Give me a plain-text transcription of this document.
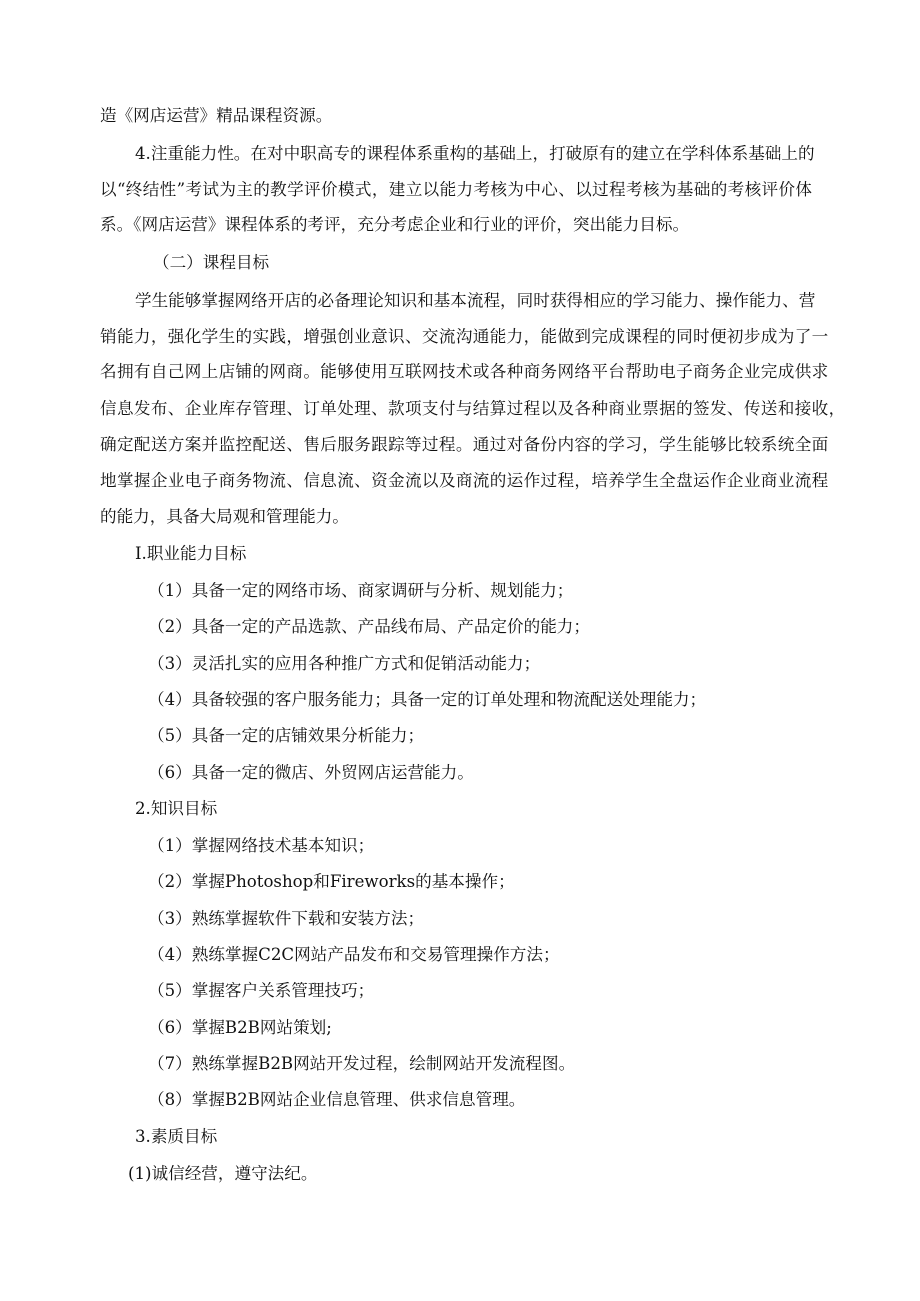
造《网店运营》精品课程资源。
4.注重能力性。在对中职高专的课程体系重构的基础上，打破原有的建立在学科体系基础上的
以“终结性”考试为主的教学评价模式，建立以能力考核为中心、以过程考核为基础的考核评价体
系。《网店运营》课程体系的考评，充分考虑企业和行业的评价，突出能力目标。
（二）课程目标
学生能够掌握网络开店的必备理论知识和基本流程，同时获得相应的学习能力、操作能力、营
销能力，强化学生的实践，增强创业意识、交流沟通能力，能做到完成课程的同时便初步成为了一
名拥有自己网上店铺的网商。能够使用互联网技术或各种商务网络平台帮助电子商务企业完成供求
信息发布、企业库存管理、订单处理、款项支付与结算过程以及各种商业票据的签发、传送和接收，
确定配送方案并监控配送、售后服务跟踪等过程。通过对备份内容的学习，学生能够比较系统全面
地掌握企业电子商务物流、信息流、资金流以及商流的运作过程，培养学生全盘运作企业商业流程
的能力，具备大局观和管理能力。
I.职业能力目标
（1）具备一定的网络市场、商家调研与分析、规划能力；
（2）具备一定的产品选款、产品线布局、产品定价的能力；
（3）灵活扎实的应用各种推广方式和促销活动能力；
（4）具备较强的客户服务能力；具备一定的订单处理和物流配送处理能力；
（5）具备一定的店铺效果分析能力；
（6）具备一定的微店、外贸网店运营能力。
2.知识目标
（1）掌握网络技术基本知识；
（2）掌握Photoshop和Fireworks的基本操作；
（3）熟练掌握软件下载和安装方法；
（4）熟练掌握C2C网站产品发布和交易管理操作方法；
（5）掌握客户关系管理技巧；
（6）掌握B2B网站策划;
（7）熟练掌握B2B网站开发过程，绘制网站开发流程图。
（8）掌握B2B网站企业信息管理、供求信息管理。
3.素质目标
(1)诚信经营，遵守法纪。
